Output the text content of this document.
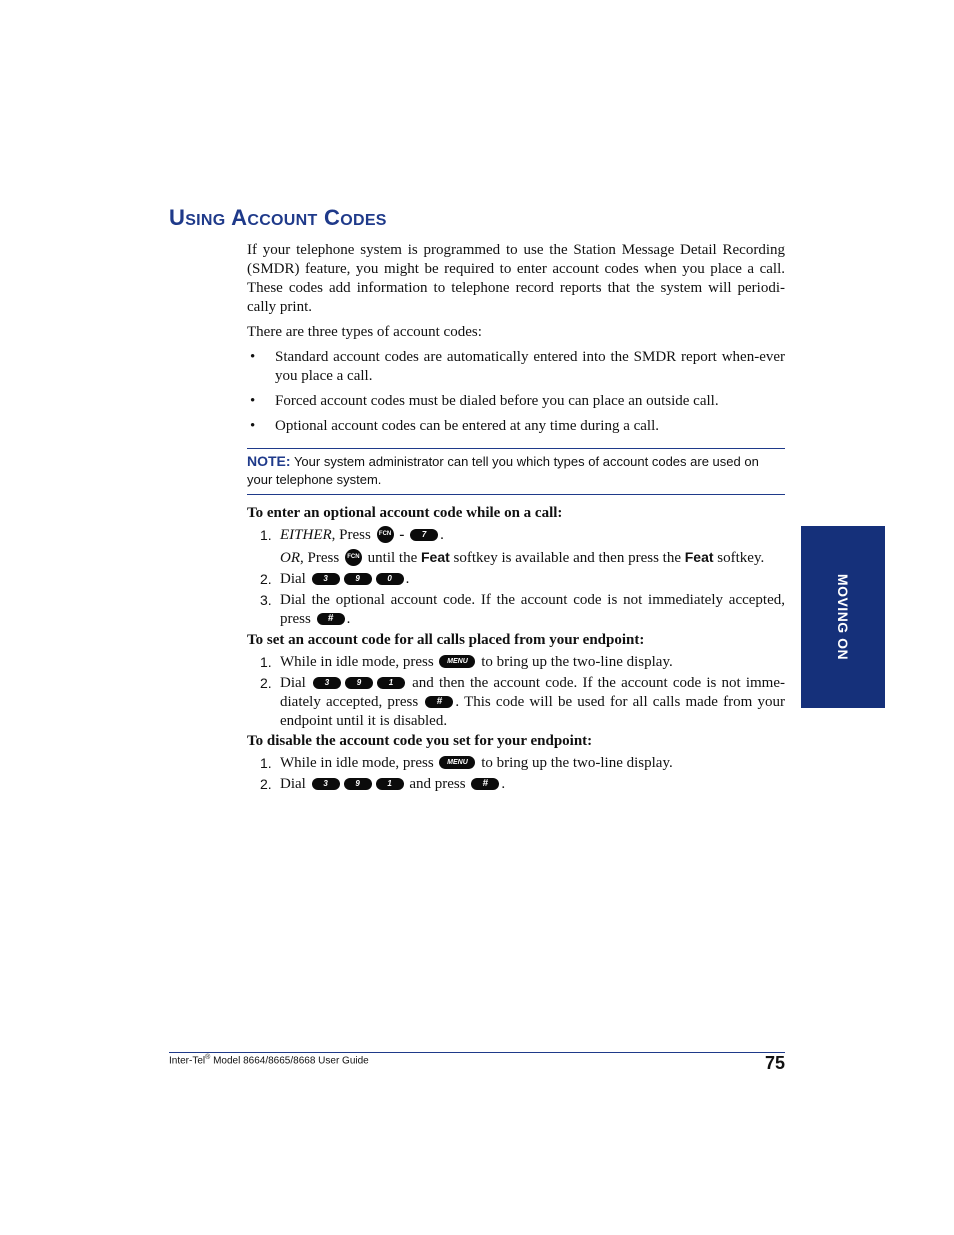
USING ACCOUNT CODES

If your telephone system is programmed to use the Station Message Detail Recording (SMDR) feature, you might be required to enter account codes when you place a call. These codes add information to telephone record reports that the system will periodi-cally print.

There are three types of account codes:

• Standard account codes are automatically entered into the SMDR report when-ever you place a call.

• Forced account codes must be dialed before you can place an outside call.

• Optional account codes can be entered at any time during a call.

NOTE: Your system administrator can tell you which types of account codes are used on your telephone system.
To enter an optional account code while on a call:
1. EITHER, Press FCN - 7 .
OR, Press FCN until the Feat softkey is available and then press the Feat softkey.
2. Dial 3	9	0 .
3. Dial the optional account code. If the account code is not immediately accepted, press # .
To set an account code for all calls placed from your endpoint:
1. While in idle mode, press MENU to bring up the two-line display.
2. Dial 3	9	1 and then the account code. If the account code is not imme-diately accepted, press # . This code will be used for all calls made from your endpoint until it is disabled.
To disable the account code you set for your endpoint:
1. While in idle mode, press MENU to bring up the two-line display.
2. Dial 3	9	1 and press # .
MOVING ON
Inter-Tel® Model 8664/8665/8668 User Guide	75
